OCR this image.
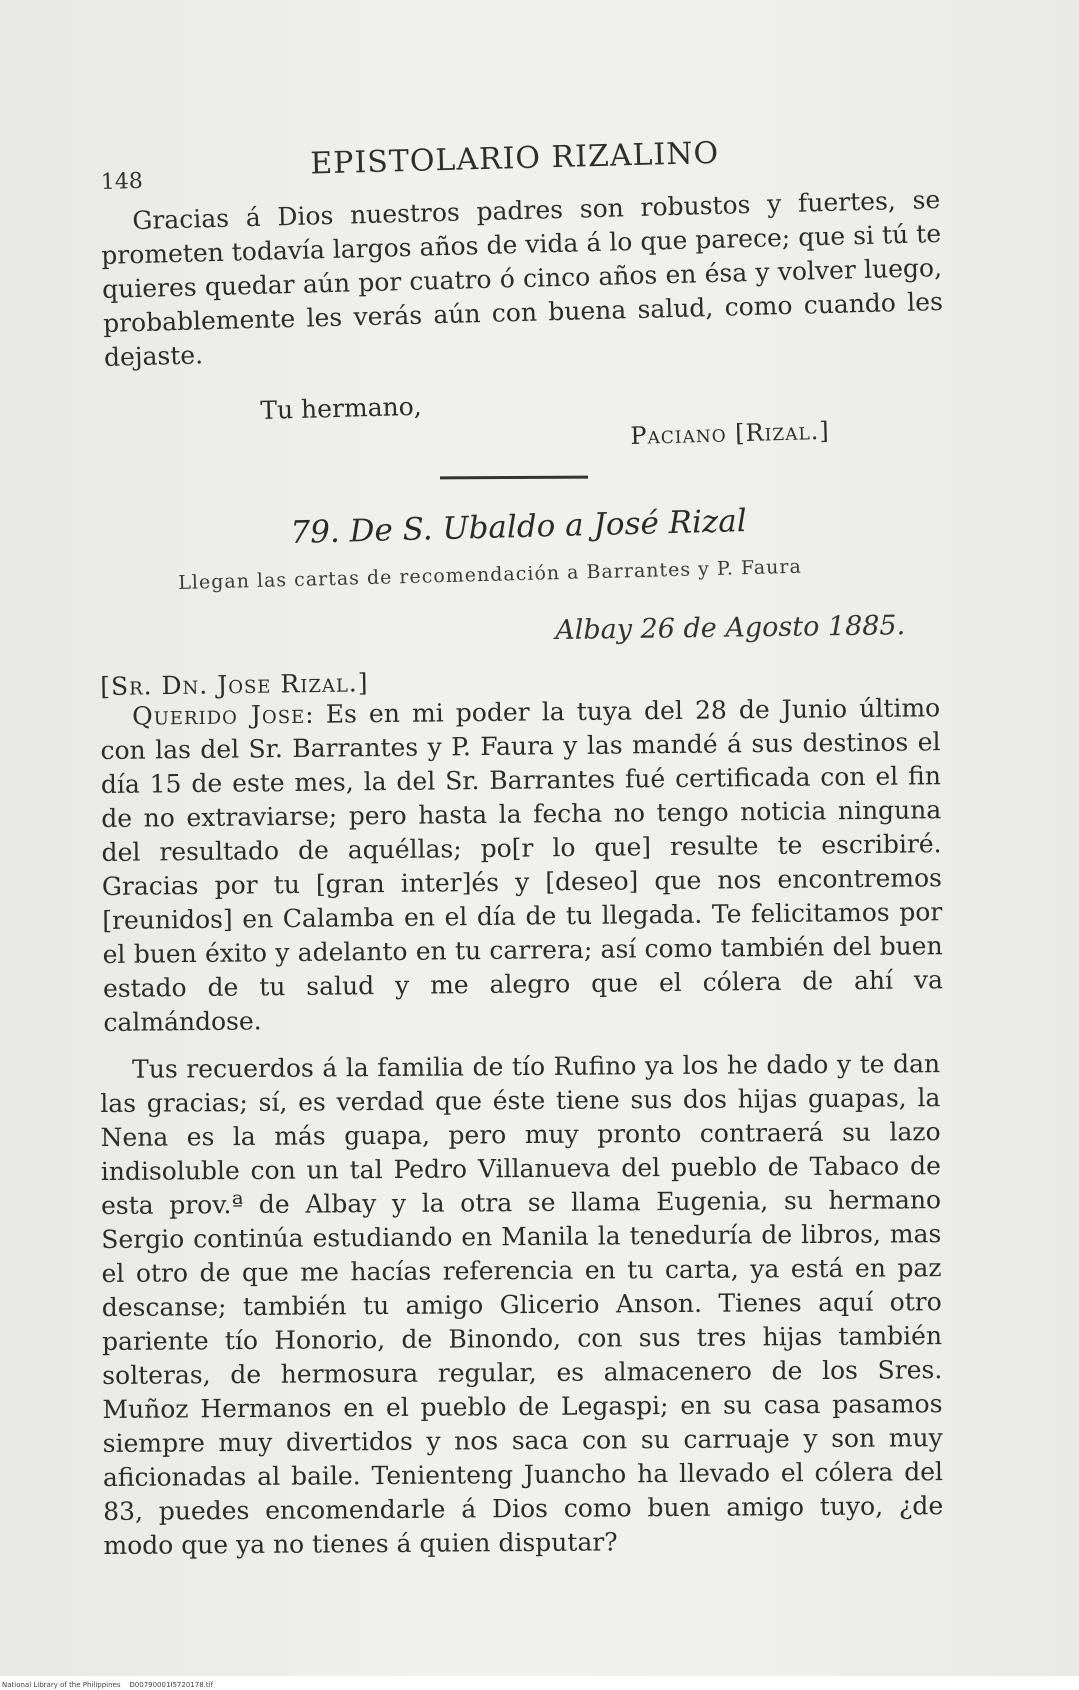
148
EPISTOLARIO RIZALINO

Gracias á Dios nuestros padres son robustos y fuertes, se prometen todavía largos años de vida á lo que parece; que si tú te quieres quedar aún por cuatro ó cinco años en ésa y volver luego, probablemente les verás aún con buena salud, como cuando les dejaste.

Tu hermano,
Paciano [Rizal.]
79. De S. Ubaldo a José Rizal
Llegan las cartas de recomendación a Barrantes y P. Faura
Albay 26 de Agosto 1885.
[Sr. Dn. Jose Rizal.]

Querido Jose: Es en mi poder la tuya del 28 de Junio último con las del Sr. Barrantes y P. Faura y las mandé á sus destinos el día 15 de este mes, la del Sr. Barrantes fué certificada con el fin de no extraviarse; pero hasta la fecha no tengo noticia ninguna del resultado de aquéllas; po[r lo que] resulte te escribiré. Gracias por tu [gran inter]és y [deseo] que nos encontremos [reunidos] en Calamba en el día de tu llegada. Te felicitamos por el buen éxito y adelanto en tu carrera; así como también del buen estado de tu salud y me alegro que el cólera de ahí va calmándose.

Tus recuerdos á la familia de tío Rufino ya los he dado y te dan las gracias; sí, es verdad que éste tiene sus dos hijas guapas, la Nena es la más guapa, pero muy pronto contraerá su lazo indisoluble con un tal Pedro Villanueva del pueblo de Tabaco de esta prov.ª de Albay y la otra se llama Eugenia, su hermano Sergio continúa estudiando en Manila la teneduría de libros, mas el otro de que me hacías referencia en tu carta, ya está en paz descanse; también tu amigo Glicerio Anson. Tienes aquí otro pariente tío Honorio, de Binondo, con sus tres hijas también solteras, de hermosura regular, es almacenero de los Sres. Muñoz Hermanos en el pueblo de Legaspi; en su casa pasamos siempre muy divertidos y nos saca con su carruaje y son muy aficionadas al baile. Tenienteng Juancho ha llevado el cólera del 83, puedes encomendarle á Dios como buen amigo tuyo, ¿de modo que ya no tienes á quien disputar?

National Library of the Philippines    D00790001I5720178.tif
